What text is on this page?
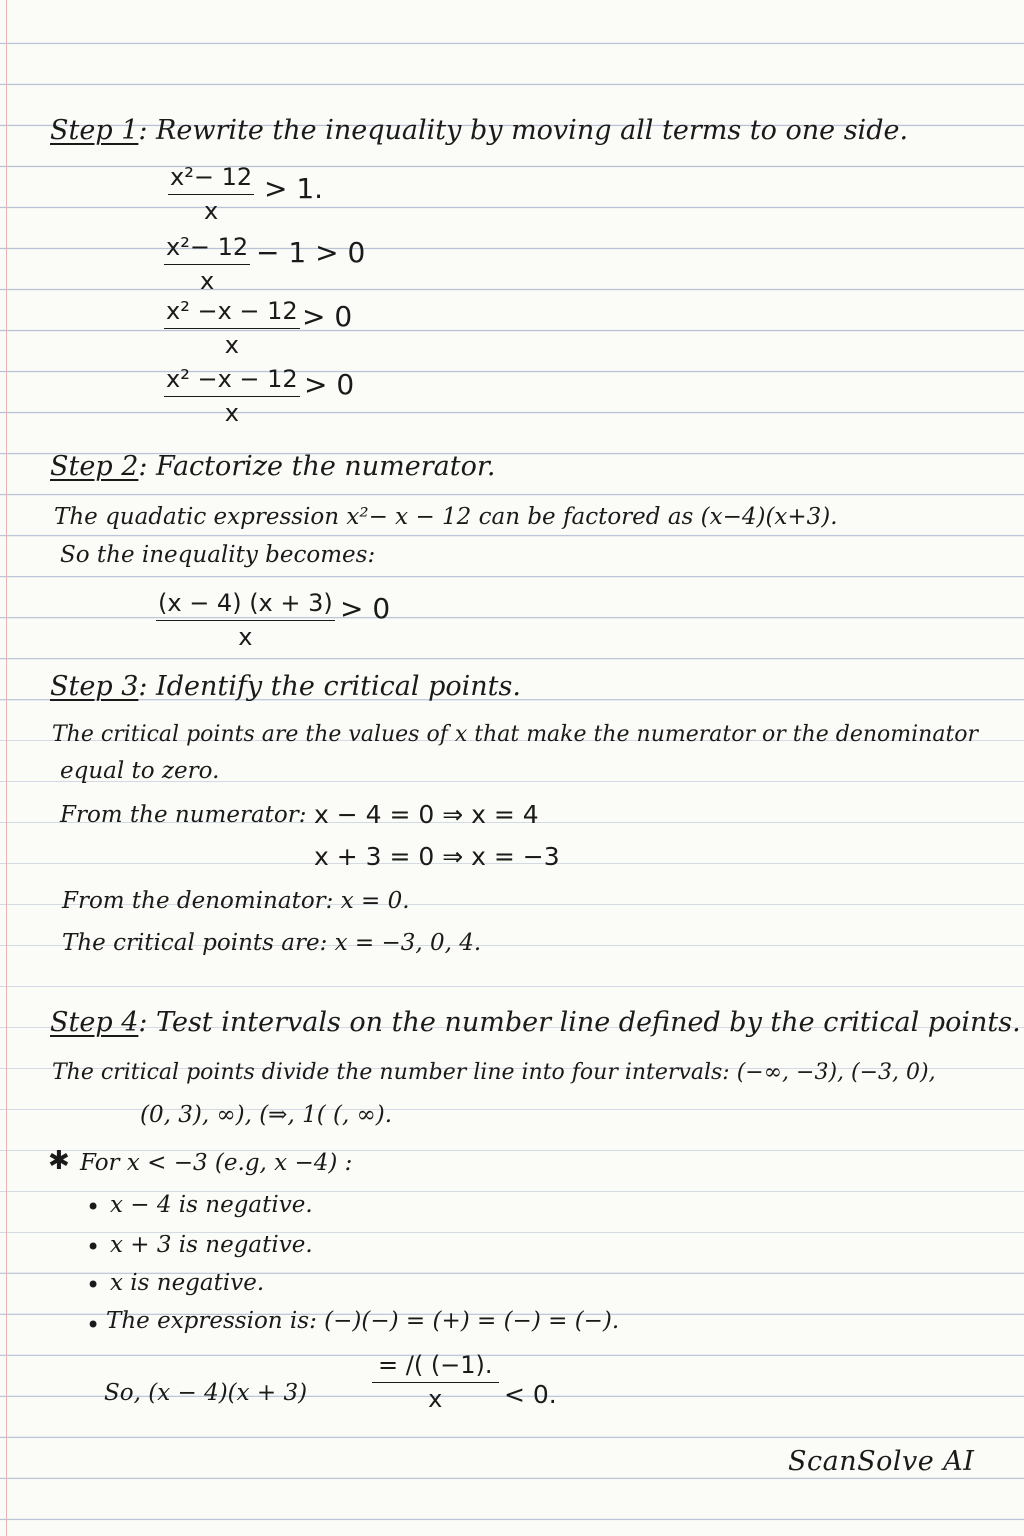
Step 1: Rewrite the inequality by moving all terms to one side.
$\frac{\text{x²− 12}}{x} > 1$.
$\frac{\text{x²− 12}}{x} - 1 > 0$
$\frac{\text{x² −x − 12}}{x} > 0$
$\frac{\text{x² −x − 12}}{x} > 0$
Step 2: Factorize the numerator.
The quadatic expression x²− x − 12 can be factored as (x−4)(x+3).
So the inequality becomes:
$\frac{(x - 4) (x + 3)}{x} > 0$
Step 3: Identify the critical points.
The critical points are the values of x that make the numerator or the denominator
equal to zero.
From the numerator: x − 4 = 0 ⇒ x = 4
x + 3 = 0 ⇒ x = −3
From the denominator: x = 0.
The critical points are: x = −3, 0, 4.
Step 4: Test intervals on the number line defined by the critical points.
The critical points divide the number line into four intervals: (−∞, −3), (−3, 0),
(0, 3), ∞), (⇒, 1( (, ∞).
✱ For x < −3 (e.g, x −4) :
• x − 4 is negative.
• x + 3 is negative.
• x is negative.
• The expression is: (−)(−) = (+) = (−) = (−).
So, (x − 4)(x + 3)	$\frac{= ∕( (-1).}{x} < 0$.
ScanSolve AI
